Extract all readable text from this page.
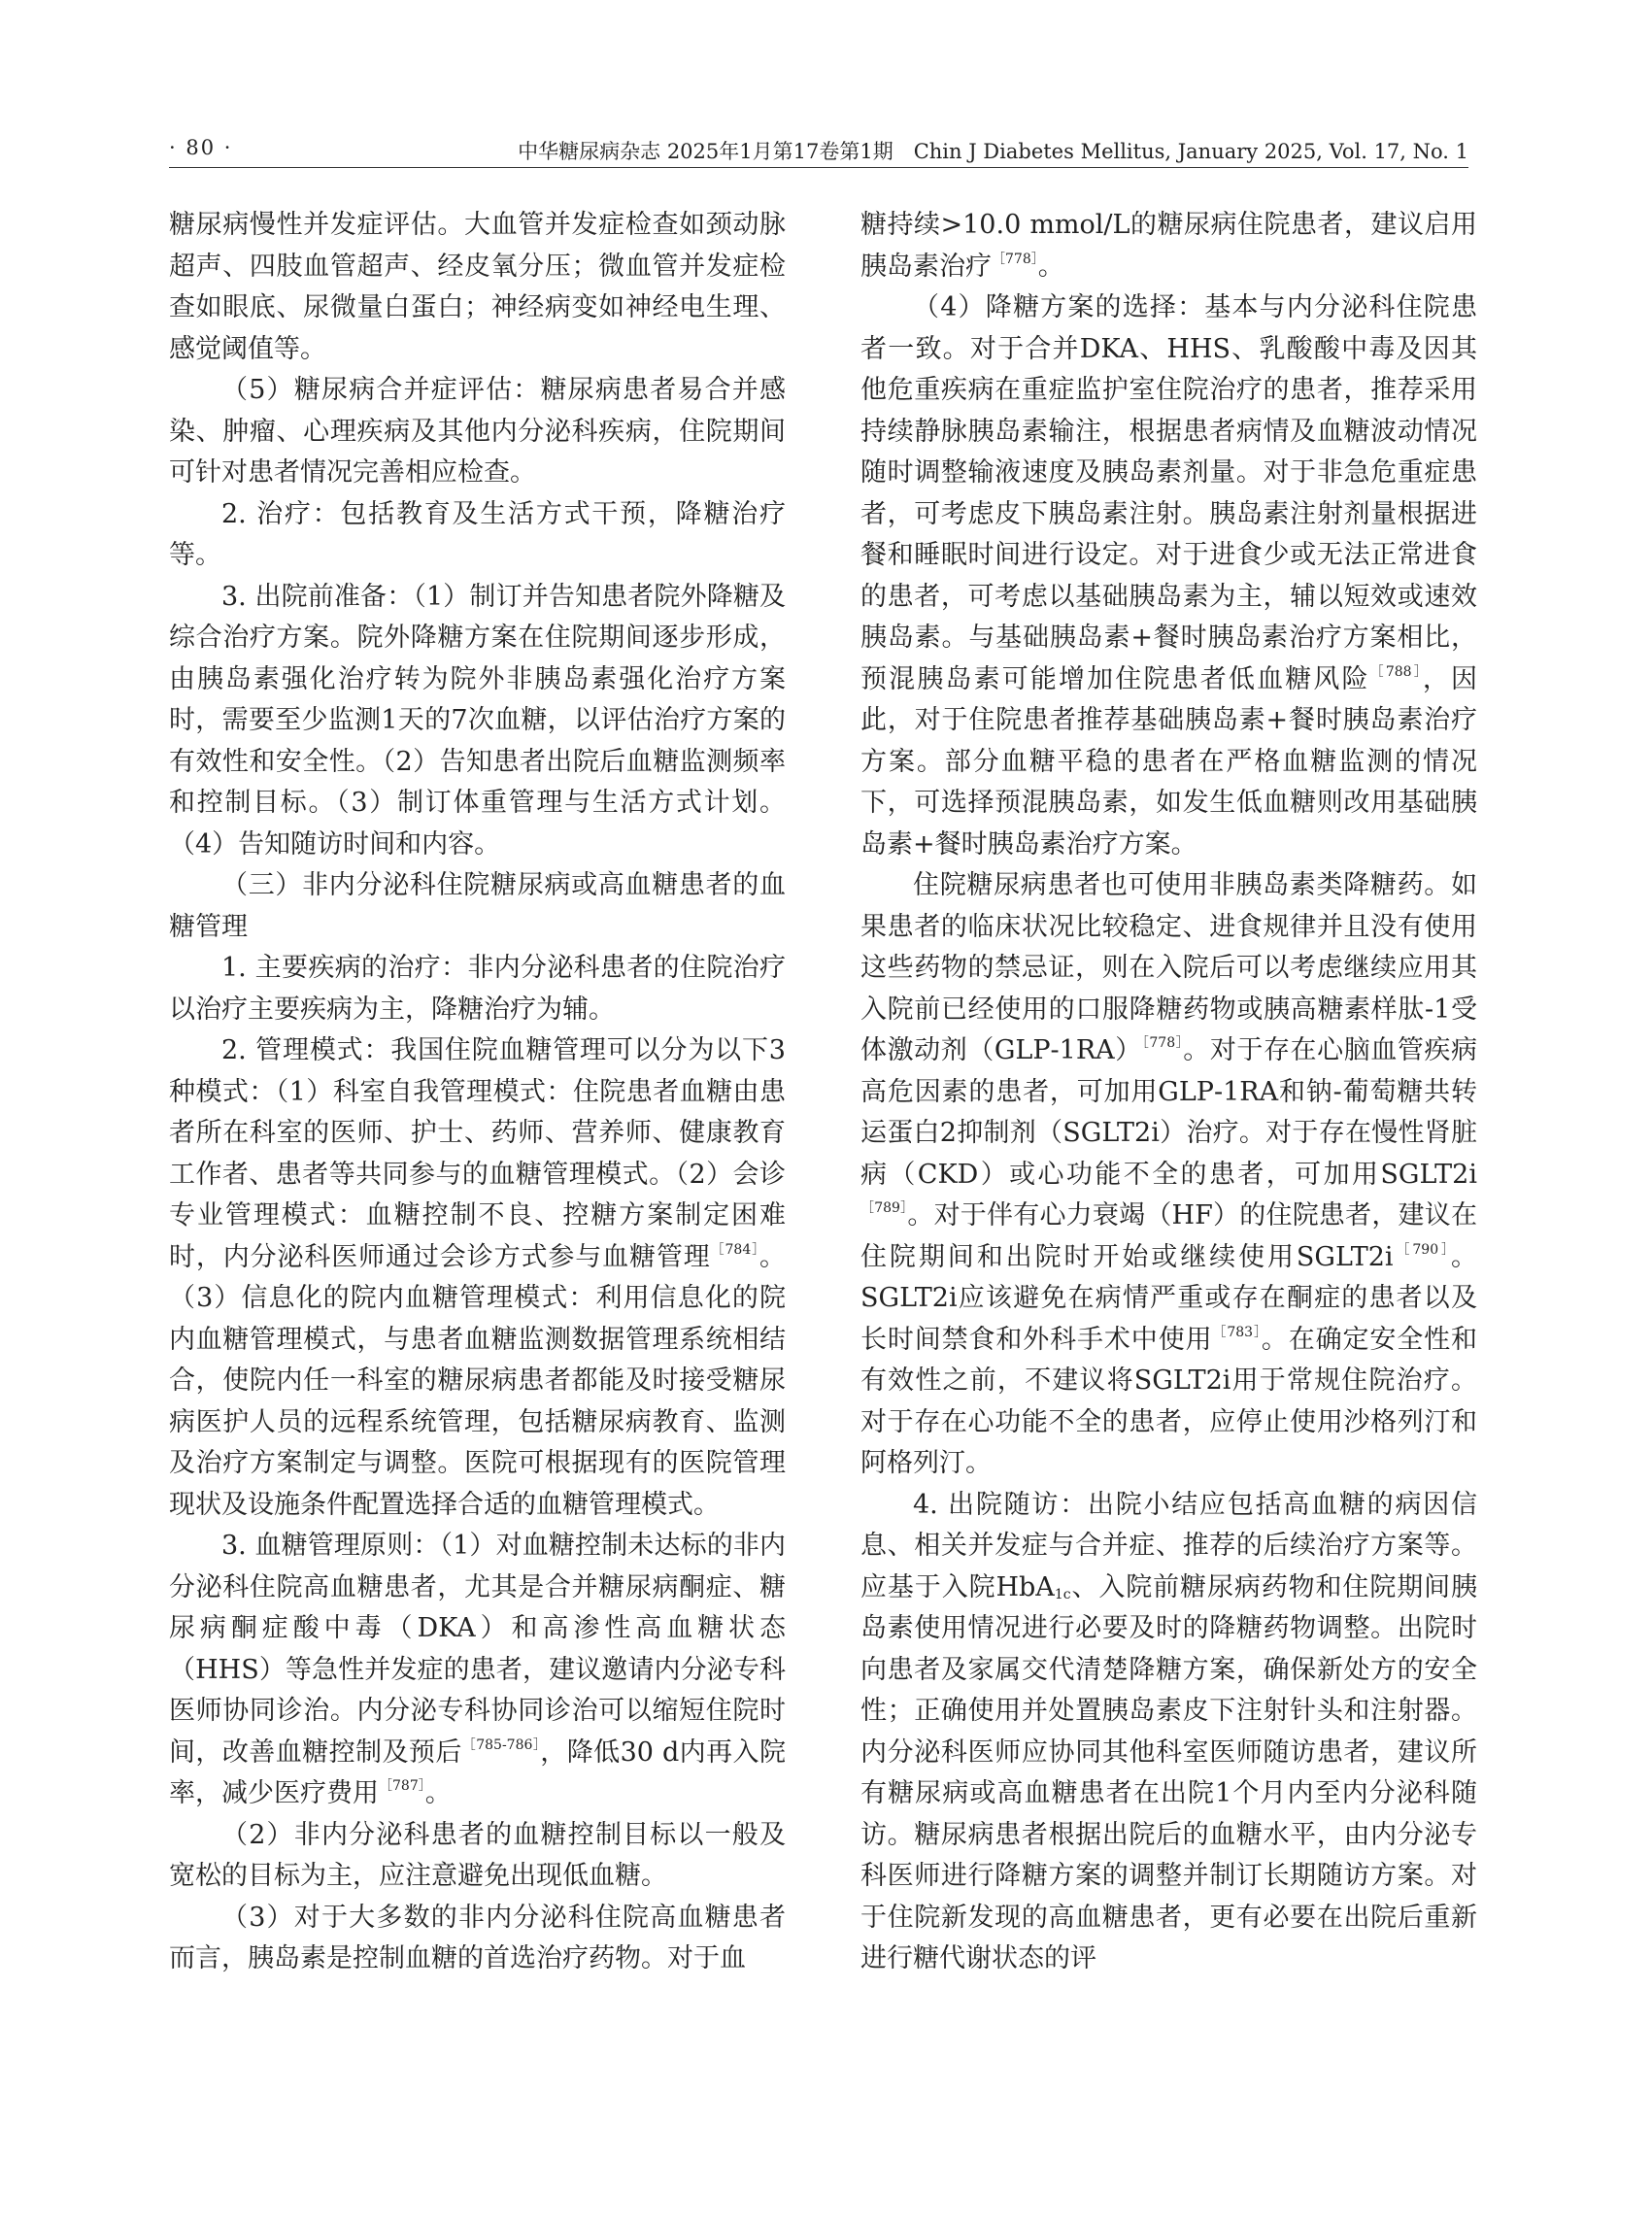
· 80 ·	中华糖尿病杂志 2025年1月第17卷第1期　Chin J Diabetes Mellitus, January 2025, Vol. 17, No. 1

糖尿病慢性并发症评估。大血管并发症检查如颈动脉超声、四肢血管超声、经皮氧分压；微血管并发症检查如眼底、尿微量白蛋白；神经病变如神经电生理、感觉阈值等。

（5）糖尿病合并症评估：糖尿病患者易合并感染、肿瘤、心理疾病及其他内分泌科疾病，住院期间可针对患者情况完善相应检查。

2. 治疗：包括教育及生活方式干预，降糖治疗等。

3. 出院前准备：（1）制订并告知患者院外降糖及综合治疗方案。院外降糖方案在住院期间逐步形成，由胰岛素强化治疗转为院外非胰岛素强化治疗方案时，需要至少监测1天的7次血糖，以评估治疗方案的有效性和安全性。（2）告知患者出院后血糖监测频率和控制目标。（3）制订体重管理与生活方式计划。（4）告知随访时间和内容。

（三）非内分泌科住院糖尿病或高血糖患者的血糖管理

1. 主要疾病的治疗：非内分泌科患者的住院治疗以治疗主要疾病为主，降糖治疗为辅。

2. 管理模式：我国住院血糖管理可以分为以下3种模式：（1）科室自我管理模式：住院患者血糖由患者所在科室的医师、护士、药师、营养师、健康教育工作者、患者等共同参与的血糖管理模式。（2）会诊专业管理模式：血糖控制不良、控糖方案制定困难时，内分泌科医师通过会诊方式参与血糖管理$^{[784]}$。（3）信息化的院内血糖管理模式：利用信息化的院内血糖管理模式，与患者血糖监测数据管理系统相结合，使院内任一科室的糖尿病患者都能及时接受糖尿病医护人员的远程系统管理，包括糖尿病教育、监测及治疗方案制定与调整。医院可根据现有的医院管理现状及设施条件配置选择合适的血糖管理模式。

3. 血糖管理原则：（1）对血糖控制未达标的非内分泌科住院高血糖患者，尤其是合并糖尿病酮症、糖尿病酮症酸中毒（DKA）和高渗性高血糖状态（HHS）等急性并发症的患者，建议邀请内分泌专科医师协同诊治。内分泌专科协同诊治可以缩短住院时间，改善血糖控制及预后$^{[785‑786]}$，降低30 d内再入院率，减少医疗费用$^{[787]}$。

（2）非内分泌科患者的血糖控制目标以一般及宽松的目标为主，应注意避免出现低血糖。

（3）对于大多数的非内分泌科住院高血糖患者而言，胰岛素是控制血糖的首选治疗药物。对于血

糖持续>10.0 mmol/L的糖尿病住院患者，建议启用胰岛素治疗$^{[778]}$。

（4）降糖方案的选择：基本与内分泌科住院患者一致。对于合并DKA、HHS、乳酸酸中毒及因其他危重疾病在重症监护室住院治疗的患者，推荐采用持续静脉胰岛素输注，根据患者病情及血糖波动情况随时调整输液速度及胰岛素剂量。对于非急危重症患者，可考虑皮下胰岛素注射。胰岛素注射剂量根据进餐和睡眠时间进行设定。对于进食少或无法正常进食的患者，可考虑以基础胰岛素为主，辅以短效或速效胰岛素。与基础胰岛素+餐时胰岛素治疗方案相比，预混胰岛素可能增加住院患者低血糖风险$^{[788]}$，因此，对于住院患者推荐基础胰岛素+餐时胰岛素治疗方案。部分血糖平稳的患者在严格血糖监测的情况下，可选择预混胰岛素，如发生低血糖则改用基础胰岛素+餐时胰岛素治疗方案。

住院糖尿病患者也可使用非胰岛素类降糖药。如果患者的临床状况比较稳定、进食规律并且没有使用这些药物的禁忌证，则在入院后可以考虑继续应用其入院前已经使用的口服降糖药物或胰高糖素样肽‑1受体激动剂（GLP‑1RA）$^{[778]}$。对于存在心脑血管疾病高危因素的患者，可加用GLP‑1RA和钠‑葡萄糖共转运蛋白2抑制剂（SGLT2i）治疗。对于存在慢性肾脏病（CKD）或心功能不全的患者，可加用$SGLT2i^{[789]}$。对于伴有心力衰竭（HF）的住院患者，建议在住院期间和出院时开始或继续使用$SGLT2i^{[790]}$。SGLT2i应该避免在病情严重或存在酮症的患者以及长时间禁食和外科手术中使用$^{[783]}$。在确定安全性和有效性之前，不建议将SGLT2i用于常规住院治疗。对于存在心功能不全的患者，应停止使用沙格列汀和阿格列汀。

4. 出院随访：出院小结应包括高血糖的病因信息、相关并发症与合并症、推荐的后续治疗方案等。应基于入院HbA$_{1c}$、入院前糖尿病药物和住院期间胰岛素使用情况进行必要及时的降糖药物调整。出院时向患者及家属交代清楚降糖方案，确保新处方的安全性；正确使用并处置胰岛素皮下注射针头和注射器。内分泌科医师应协同其他科室医师随访患者，建议所有糖尿病或高血糖患者在出院1个月内至内分泌科随访。糖尿病患者根据出院后的血糖水平，由内分泌专科医师进行降糖方案的调整并制订长期随访方案。对于住院新发现的高血糖患者，更有必要在出院后重新进行糖代谢状态的评
